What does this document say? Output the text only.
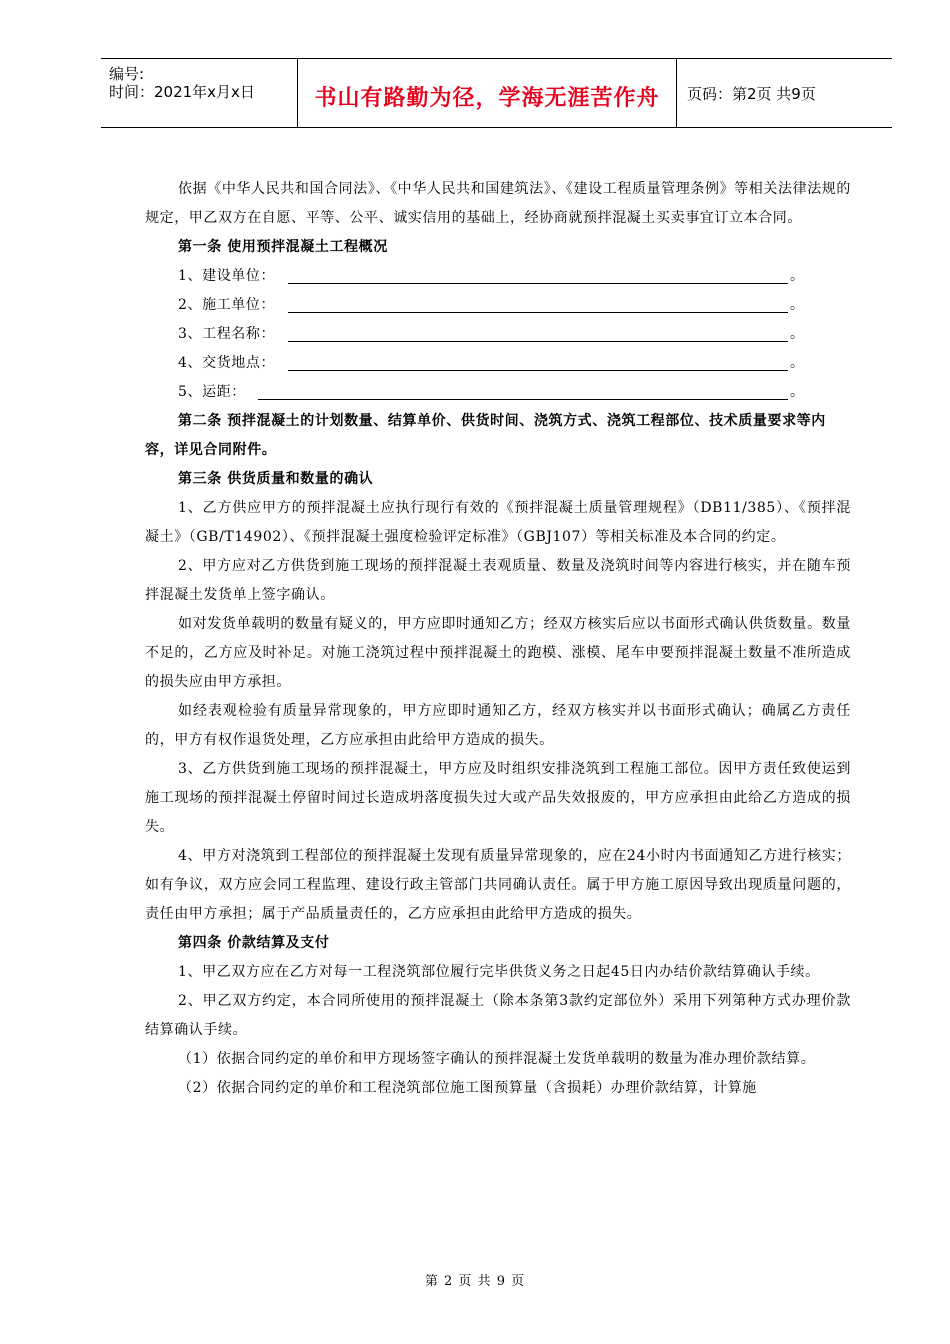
编号:
时间：2021年x月x日	书山有路勤为径，学海无涯苦作舟	页码：第2页 共9页

依据《中华人民共和国合同法》、《中华人民共和国建筑法》、《建设工程质量管理条例》等相关法律法规的规定，甲乙双方在自愿、平等、公平、诚实信用的基础上，经协商就预拌混凝土买卖事宜订立本合同。

第一条 使用预拌混凝土工程概况

1、建设单位：	。
2、施工单位：	。
3、工程名称：	。
4、交货地点：	。
5、运距：	。

第二条 预拌混凝土的计划数量、结算单价、供货时间、浇筑方式、浇筑工程部位、技术质量要求等内容，详见合同附件。

第三条 供货质量和数量的确认

1、乙方供应甲方的预拌混凝土应执行现行有效的《预拌混凝土质量管理规程》（DB11/385）、《预拌混凝土》（GB/T14902）、《预拌混凝土强度检验评定标准》（GBJ107）等相关标准及本合同的约定。

2、甲方应对乙方供货到施工现场的预拌混凝土表观质量、数量及浇筑时间等内容进行核实，并在随车预拌混凝土发货单上签字确认。

如对发货单载明的数量有疑义的，甲方应即时通知乙方；经双方核实后应以书面形式确认供货数量。数量不足的，乙方应及时补足。对施工浇筑过程中预拌混凝土的跑模、涨模、尾车申要预拌混凝土数量不准所造成的损失应由甲方承担。

如经表观检验有质量异常现象的，甲方应即时通知乙方，经双方核实并以书面形式确认；确属乙方责任的，甲方有权作退货处理，乙方应承担由此给甲方造成的损失。

3、乙方供货到施工现场的预拌混凝土，甲方应及时组织安排浇筑到工程施工部位。因甲方责任致使运到施工现场的预拌混凝土停留时间过长造成坍落度损失过大或产品失效报废的，甲方应承担由此给乙方造成的损失。

4、甲方对浇筑到工程部位的预拌混凝土发现有质量异常现象的，应在24小时内书面通知乙方进行核实；如有争议，双方应会同工程监理、建设行政主管部门共同确认责任。属于甲方施工原因导致出现质量问题的，责任由甲方承担；属于产品质量责任的，乙方应承担由此给甲方造成的损失。

第四条 价款结算及支付

1、甲乙双方应在乙方对每一工程浇筑部位履行完毕供货义务之日起45日内办结价款结算确认手续。

2、甲乙双方约定，本合同所使用的预拌混凝土（除本条第3款约定部位外）采用下列第种方式办理价款结算确认手续。

（1）依据合同约定的单价和甲方现场签字确认的预拌混凝土发货单载明的数量为准办理价款结算。

（2）依据合同约定的单价和工程浇筑部位施工图预算量（含损耗）办理价款结算，计算施

第 2 页 共 9 页
